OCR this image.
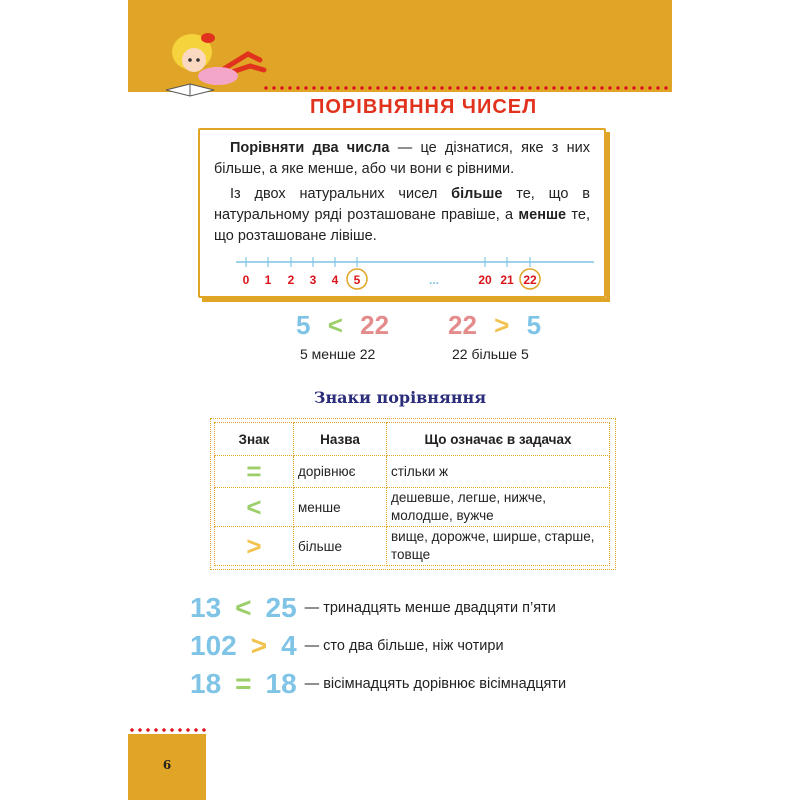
ПОРІВНЯННЯ ЧИСЕЛ

Порівняти два числа — це дізнатися, яке з них більше, а яке менше, або чи вони є рівними.

Із двох натуральних чисел більше те, що в натуральному ряді розташоване правіше, а менше те, що розташоване лівіше.

0 1 2 3 4 5	...	20 21 22
5 < 22
5 менше 22
22 > 5
22 більше 5
Знаки порівняння
Знак	Назва	Що означає в задачах
=	дорівнює	стільки ж
<	менше	дешевше, легше, нижче, молодше, вужче
>	більше	вище, дорожче, ширше, старше, товще
13 < 25 — тринадцять менше двадцяти п’яти
102 > 4 — сто два більше, ніж чотири
18 = 18 — вісімнадцять дорівнює вісімнадцяти
6
